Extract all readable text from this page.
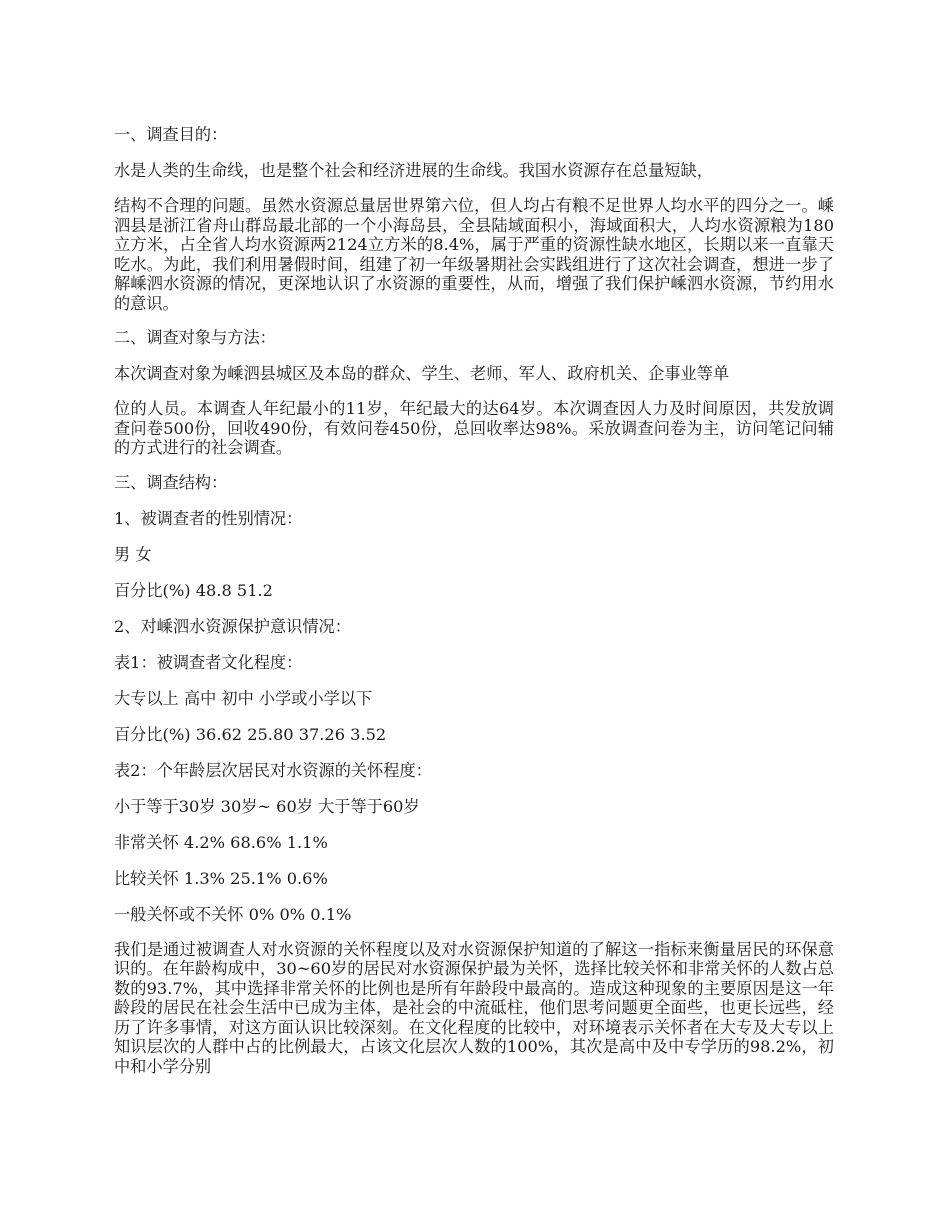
一、调查目的：

水是人类的生命线，也是整个社会和经济进展的生命线。我国水资源存在总量短缺，

结构不合理的问题。虽然水资源总量居世界第六位，但人均占有粮不足世界人均水平的四分之一。嵊泗县是浙江省舟山群岛最北部的一个小海岛县，全县陆域面积小，海域面积大，人均水资源粮为180立方米，占全省人均水资源两2124立方米的8.4%，属于严重的资源性缺水地区，长期以来一直靠天吃水。为此，我们利用暑假时间，组建了初一年级暑期社会实践组进行了这次社会调查，想进一步了解嵊泗水资源的情况，更深地认识了水资源的重要性，从而，增强了我们保护嵊泗水资源，节约用水的意识。

二、调查对象与方法：

本次调查对象为嵊泗县城区及本岛的群众、学生、老师、军人、政府机关、企事业等单

位的人员。本调查人年纪最小的11岁，年纪最大的达64岁。本次调查因人力及时间原因，共发放调查问卷500份，回收490份，有效问卷450份，总回收率达98%。采放调查问卷为主，访问笔记问辅的方式进行的社会调查。

三、调查结构：

1、被调查者的性别情况：

男 女

百分比(%) 48.8 51.2

2、对嵊泗水资源保护意识情况：

表1：被调查者文化程度：

大专以上 高中 初中 小学或小学以下

百分比(%) 36.62 25.80 37.26 3.52

表2：个年龄层次居民对水资源的关怀程度：

小于等于30岁 30岁~ 60岁 大于等于60岁

非常关怀 4.2% 68.6% 1.1%

比较关怀 1.3% 25.1% 0.6%

一般关怀或不关怀 0% 0% 0.1%

我们是通过被调查人对水资源的关怀程度以及对水资源保护知道的了解这一指标来衡量居民的环保意识的。在年龄构成中，30~60岁的居民对水资源保护最为关怀，选择比较关怀和非常关怀的人数占总数的93.7%，其中选择非常关怀的比例也是所有年龄段中最高的。造成这种现象的主要原因是这一年龄段的居民在社会生活中已成为主体，是社会的中流砥柱，他们思考问题更全面些，也更长远些，经历了许多事情，对这方面认识比较深刻。在文化程度的比较中，对环境表示关怀者在大专及大专以上知识层次的人群中占的比例最大，占该文化层次人数的100%，其次是高中及中专学历的98.2%，初中和小学分别
